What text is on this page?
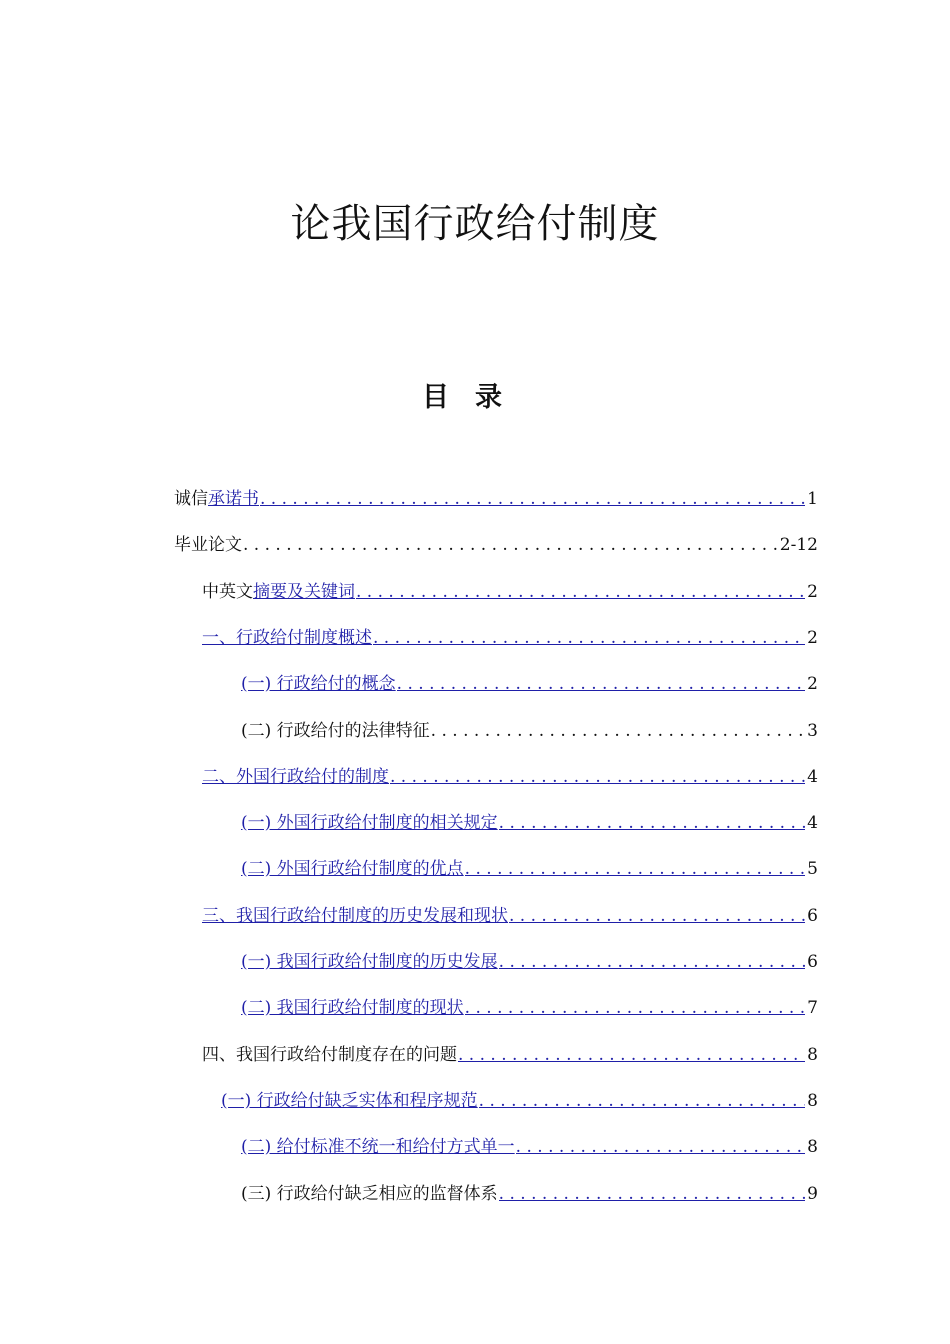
论我国行政给付制度
目录
诚信 承诺书 . . .	1
毕业论文 . . .	2-12
中英文 摘要及关键词 . . .	2
一、行政给付制度概述 . . .	2
(一) 行政给付的概念 . . .	2
(二) 行政给付的法律特征 . . .	3
二、外国行政给付的制度 . . .	4
(一) 外国行政给付制度的相关规定 . . .	4
(二) 外国行政给付制度的优点 . . .	5
三、我国行政给付制度的历史发展和现状 . . .	6
(一) 我国行政给付制度的历史发展 . . .	6
(二) 我国行政给付制度的现状 . . .	7
四、我国行政给付制度存在的问题 . . .	8
(一) 行政给付缺乏实体和程序规范 . . .	8
(二) 给付标准不统一和给付方式单一 . . .	8
(三) 行政给付缺乏相应的监督体系 . . .	9
